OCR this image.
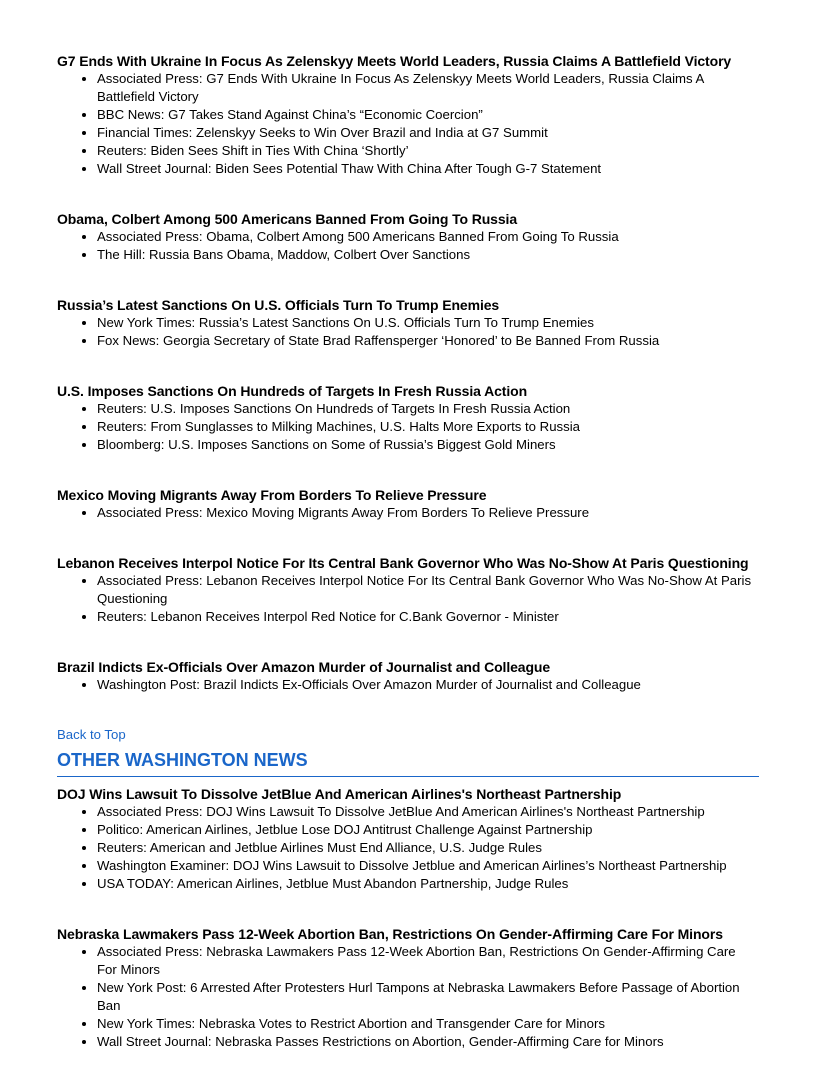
G7 Ends With Ukraine In Focus As Zelenskyy Meets World Leaders, Russia Claims A Battlefield Victory
• Associated Press: G7 Ends With Ukraine In Focus As Zelenskyy Meets World Leaders, Russia Claims A Battlefield Victory
• BBC News: G7 Takes Stand Against China’s “Economic Coercion”
• Financial Times: Zelenskyy Seeks to Win Over Brazil and India at G7 Summit
• Reuters: Biden Sees Shift in Ties With China ‘Shortly’
• Wall Street Journal: Biden Sees Potential Thaw With China After Tough G-7 Statement
Obama, Colbert Among 500 Americans Banned From Going To Russia
• Associated Press: Obama, Colbert Among 500 Americans Banned From Going To Russia
• The Hill: Russia Bans Obama, Maddow, Colbert Over Sanctions
Russia’s Latest Sanctions On U.S. Officials Turn To Trump Enemies
• New York Times: Russia’s Latest Sanctions On U.S. Officials Turn To Trump Enemies
• Fox News: Georgia Secretary of State Brad Raffensperger ‘Honored’ to Be Banned From Russia
U.S. Imposes Sanctions On Hundreds of Targets In Fresh Russia Action
• Reuters: U.S. Imposes Sanctions On Hundreds of Targets In Fresh Russia Action
• Reuters: From Sunglasses to Milking Machines, U.S. Halts More Exports to Russia
• Bloomberg: U.S. Imposes Sanctions on Some of Russia’s Biggest Gold Miners
Mexico Moving Migrants Away From Borders To Relieve Pressure
• Associated Press: Mexico Moving Migrants Away From Borders To Relieve Pressure
Lebanon Receives Interpol Notice For Its Central Bank Governor Who Was No-Show At Paris Questioning
• Associated Press: Lebanon Receives Interpol Notice For Its Central Bank Governor Who Was No-Show At Paris Questioning
• Reuters: Lebanon Receives Interpol Red Notice for C.Bank Governor - Minister
Brazil Indicts Ex-Officials Over Amazon Murder of Journalist and Colleague
• Washington Post: Brazil Indicts Ex-Officials Over Amazon Murder of Journalist and Colleague
Back to Top
OTHER WASHINGTON NEWS
DOJ Wins Lawsuit To Dissolve JetBlue And American Airlines's Northeast Partnership
• Associated Press: DOJ Wins Lawsuit To Dissolve JetBlue And American Airlines's Northeast Partnership
• Politico: American Airlines, Jetblue Lose DOJ Antitrust Challenge Against Partnership
• Reuters: American and Jetblue Airlines Must End Alliance, U.S. Judge Rules
• Washington Examiner: DOJ Wins Lawsuit to Dissolve Jetblue and American Airlines’s Northeast Partnership
• USA TODAY: American Airlines, Jetblue Must Abandon Partnership, Judge Rules
Nebraska Lawmakers Pass 12-Week Abortion Ban, Restrictions On Gender-Affirming Care For Minors
• Associated Press: Nebraska Lawmakers Pass 12-Week Abortion Ban, Restrictions On Gender-Affirming Care For Minors
• New York Post: 6 Arrested After Protesters Hurl Tampons at Nebraska Lawmakers Before Passage of Abortion Ban
• New York Times: Nebraska Votes to Restrict Abortion and Transgender Care for Minors
• Wall Street Journal: Nebraska Passes Restrictions on Abortion, Gender-Affirming Care for Minors
